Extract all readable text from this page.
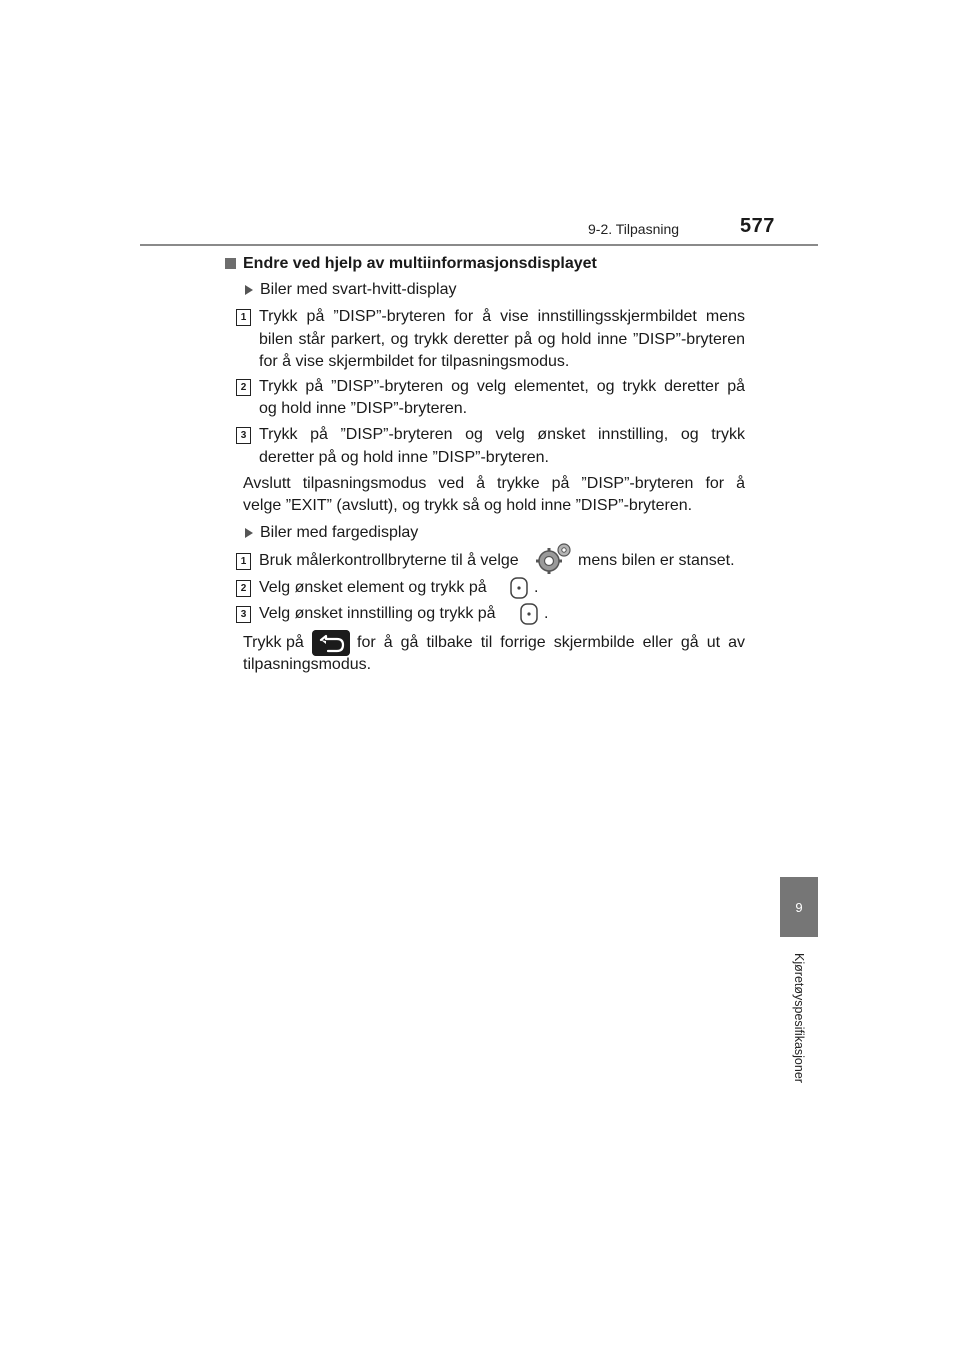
9-2. Tilpasning	577
9
Kjøretøyspesifikasjoner
Endre ved hjelp av multiinformasjonsdisplayet
Biler med svart-hvitt-display
1 Trykk på ”DISP”-bryteren for å vise innstillingsskjermbildet mens
bilen står parkert, og trykk deretter på og hold inne ”DISP”-bryteren
for å vise skjermbildet for tilpasningsmodus.
2 Trykk på ”DISP”-bryteren og velg elementet, og trykk deretter på
og hold inne ”DISP”-bryteren.
3 Trykk på ”DISP”-bryteren og velg ønsket innstilling, og trykk
deretter på og hold inne ”DISP”-bryteren.
Avslutt tilpasningsmodus ved å trykke på ”DISP”-bryteren for å
velge ”EXIT” (avslutt), og trykk så og hold inne ”DISP”-bryteren.
Biler med fargedisplay
1 Bruk målerkontrollbryterne til å velge	mens bilen er stanset.
2 Velg ønsket element og trykk på	.
3 Velg ønsket innstilling og trykk på	.
Trykk på	for å gå tilbake til forrige skjermbilde eller gå ut av
tilpasningsmodus.
